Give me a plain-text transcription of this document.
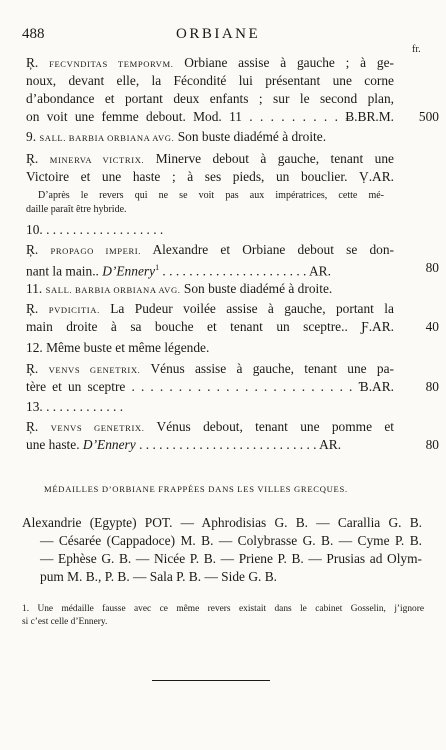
488	ORBIANE
fr.
Ŗ. FECVNDITAS TEMPORVM. Orbiane assise à gauche ; à ge-
noux, devant elle, la Fécondité lui présentant une corne
d’abondance et portant deux enfants ; sur le second plan,
on voit une femme debout. Mod. 11 . . . . . . . . . Ƀ.BR.M.	500
9. SALL. BARBIA ORBIANA AVG. Son buste diadémé à droite.
Ŗ. MINERVA VICTRIX. Minerve debout à gauche, tenant une
Victoire et une haste ; à ses pieds, un bouclier. Ṿ.AR.
D’après le revers qui ne se voit pas aux impératrices, cette mé-
daille paraît être hybride.
10. . . . . . . . . . . . . . . . . . .
Ŗ. PROPAGO IMPERI. Alexandre et Orbiane debout se don-
nant la main.. D’Ennery$^1$ . . . . . . . . . . . . . . . . . . . . . . AR.	80
11. SALL. BARBIA ORBIANA AVG. Son buste diadémé à droite.
Ŗ. PVDICITIA. La Pudeur voilée assise à gauche, portant la
main droite à sa bouche et tenant un sceptre.. Ƒ.AR.	40
12. Même buste et même légende.
Ŗ. VENVS GENETRIX. Vénus assise à gauche, tenant une pa-
tère et un sceptre . . . . . . . . . . . . . . . . . . . . . . . . Ɓ.AR.	80
13. . . . . . . . . . . . .
Ŗ. VENVS GENETRIX. Vénus debout, tenant une pomme et
une haste. D’Ennery . . . . . . . . . . . . . . . . . . . . . . . . . . . AR.	80
MÉDAILLES D’ORBIANE FRAPPÉES DANS LES VILLES GRECQUES.
Alexandrie (Egypte) POT. — Aphrodisias G. B. — Carallia G. B.
— Césarée (Cappadoce) M. B. — Colybrasse G. B. — Cyme P. B.
— Ephèse G. B. — Nicée P. B. — Priene P. B. — Prusias ad Olym-
pum M. B., P. B. — Sala P. B. — Side G. B.
1. Une médaille fausse avec ce même revers existait dans le cabinet Gosselin, j’ignore
si c’est celle d’Ennery.
